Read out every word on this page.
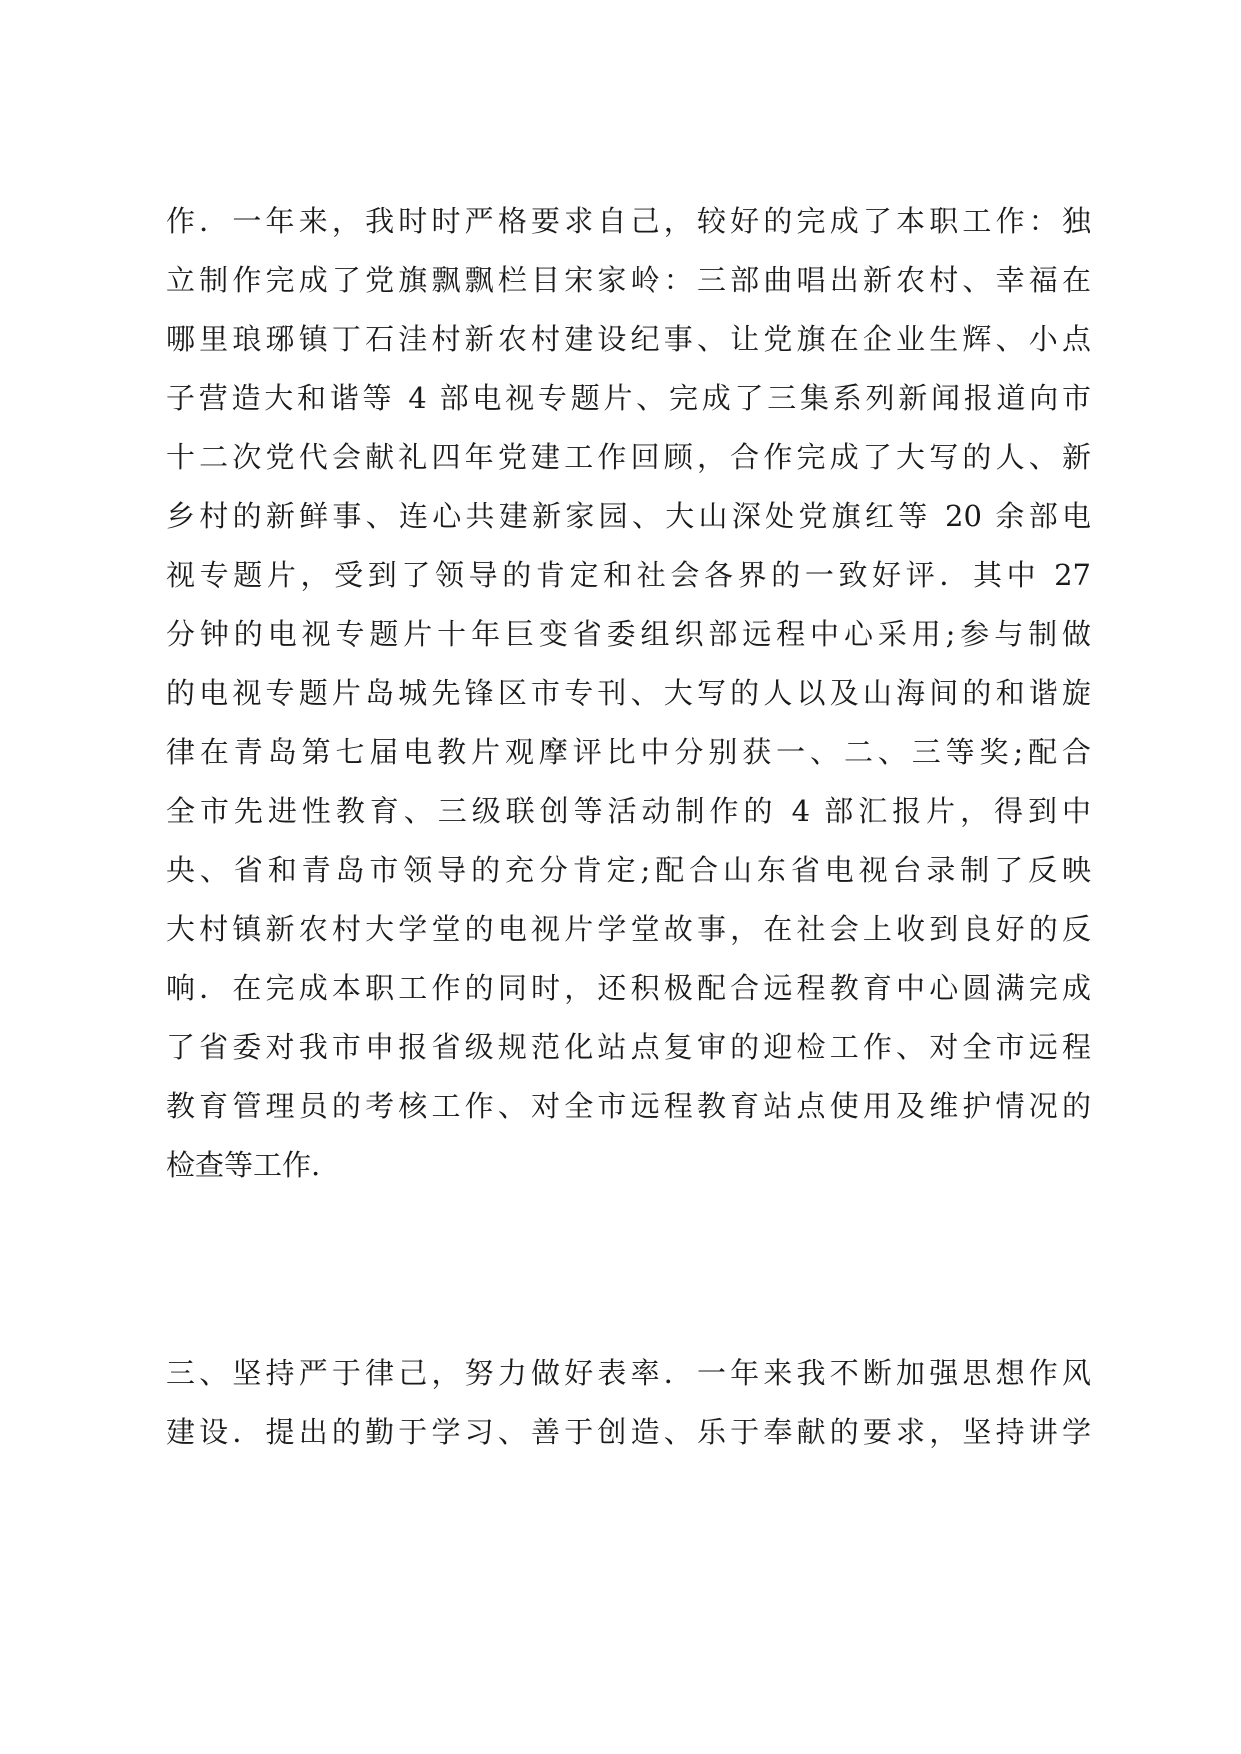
作．一年来，我时时严格要求自己，较好的完成了本职工作：独
立制作完成了党旗飘飘栏目宋家岭：三部曲唱出新农村、幸福在
哪里琅琊镇丁石洼村新农村建设纪事、让党旗在企业生辉、小点
子营造大和谐等 4 部电视专题片、完成了三集系列新闻报道向市
十二次党代会献礼四年党建工作回顾，合作完成了大写的人、新
乡村的新鲜事、连心共建新家园、大山深处党旗红等 20 余部电
视专题片，受到了领导的肯定和社会各界的一致好评．其中 27
分钟的电视专题片十年巨变省委组织部远程中心采用;参与制做
的电视专题片岛城先锋区市专刊、大写的人以及山海间的和谐旋
律在青岛第七届电教片观摩评比中分别获一、二、三等奖;配合
全市先进性教育、三级联创等活动制作的 4 部汇报片，得到中
央、省和青岛市领导的充分肯定;配合山东省电视台录制了反映
大村镇新农村大学堂的电视片学堂故事，在社会上收到良好的反
响．在完成本职工作的同时，还积极配合远程教育中心圆满完成
了省委对我市申报省级规范化站点复审的迎检工作、对全市远程
教育管理员的考核工作、对全市远程教育站点使用及维护情况的
检查等工作.
三、坚持严于律己，努力做好表率．一年来我不断加强思想作风
建设．提出的勤于学习、善于创造、乐于奉献的要求，坚持讲学
